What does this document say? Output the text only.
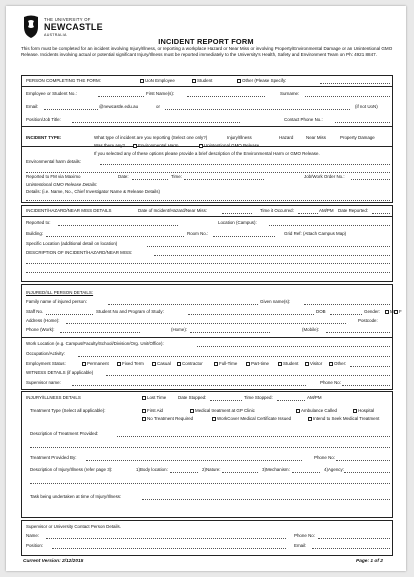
THE UNIVERSITY OF
NEWCASTLE
AUSTRALIA
INCIDENT REPORT FORM
This form must be completed for an incident involving Injury/Illness, or reporting a workplace Hazard or Near Miss or involving Property/Environmental Damage or an Unintentional GMO Release. Incidents involving actual or potential significant Injury/Illness must be reported immediately to the University's Health, Safety and Environment Team on Ph: 4921 8847.
PERSON COMPLETING THE FORM:	UoN Employee	Student	Other (Please Specify:
Employee or Student No.:	First Name(s):	Surname:
Email:	@newcastle.edu.au	or	(if not UoN)
Position/Job Title:	Contact Phone No.:
INCIDENT TYPE:	What type of incident are you reporting (Select one only?)	Injury/Illness	Hazard	Near Miss	Property Damage
Was there any?	Environmental Harm	Unintentional GMO Release
If you selected any of these options please provide a brief description of the Environmental Harm or GMO Release.
Environmental harm details:
Reported to FM via Maximo	Date:	Time:	Job/Work Order No.:
Unintentional GMO Release Details:
Details: (i.e. Name, No., Chief Investigator Name & Release Details)
INCIDENT/HAZARD/NEAR MISS DETAILS	Date of Incident/Hazard/Near Miss:	Time it Occurred:	AM/PM Date Reported:
Reported to:	Location (Campus):
Building:	Room No.:	Grid Ref: (Attach Campus Map)
Specific Location (additional detail on location)
DESCRIPTION OF INCIDENT/HAZARD/NEAR MISS:
INJURED/ILL PERSON DETAILS:
Family name of injured person:	Given name(s):
Staff No.	Student No and Program of Study:	DOB	Gender:	M	F
Address (Home):	Postcode:
Phone (Work):	(Home):	(Mobile):
Work Location (e.g. Campus/Faculty/School/Division/Org. Unit/Office):
Occupation/Activity:
Employment Status:	Permanent	Fixed Term	Casual	Contractor	Full-Time	Part-time	Student	Visitor	Other:
WITNESS DETAILS (if applicable)
Supervisor name:	Phone No:
INJURY/ILLNESS DETAILS	Lost Time	Date Stopped:	Time Stopped:	AM/PM
Treatment Type (Select all applicable):	First Aid	Medical treatment at GP Clinic	Ambulance Called	Hospital
No Treatment Required	WorkCover Medical Certificate Issued	Intend to Seek Medical Treatment
Description of Treatment Provided:
Treatment Provided By:	Phone No:
Description of Injury/Illness (refer page 3):	1)Body location:	2)Nature:	3)Mechanism:	4)Agency:
Task being undertaken at time of Injury/Illness:
Supervisor or University Contact Person Details.
Name:	Phone No:
Position:	Email:
Current Version: 2/12/2015	Page: 1 of 2
